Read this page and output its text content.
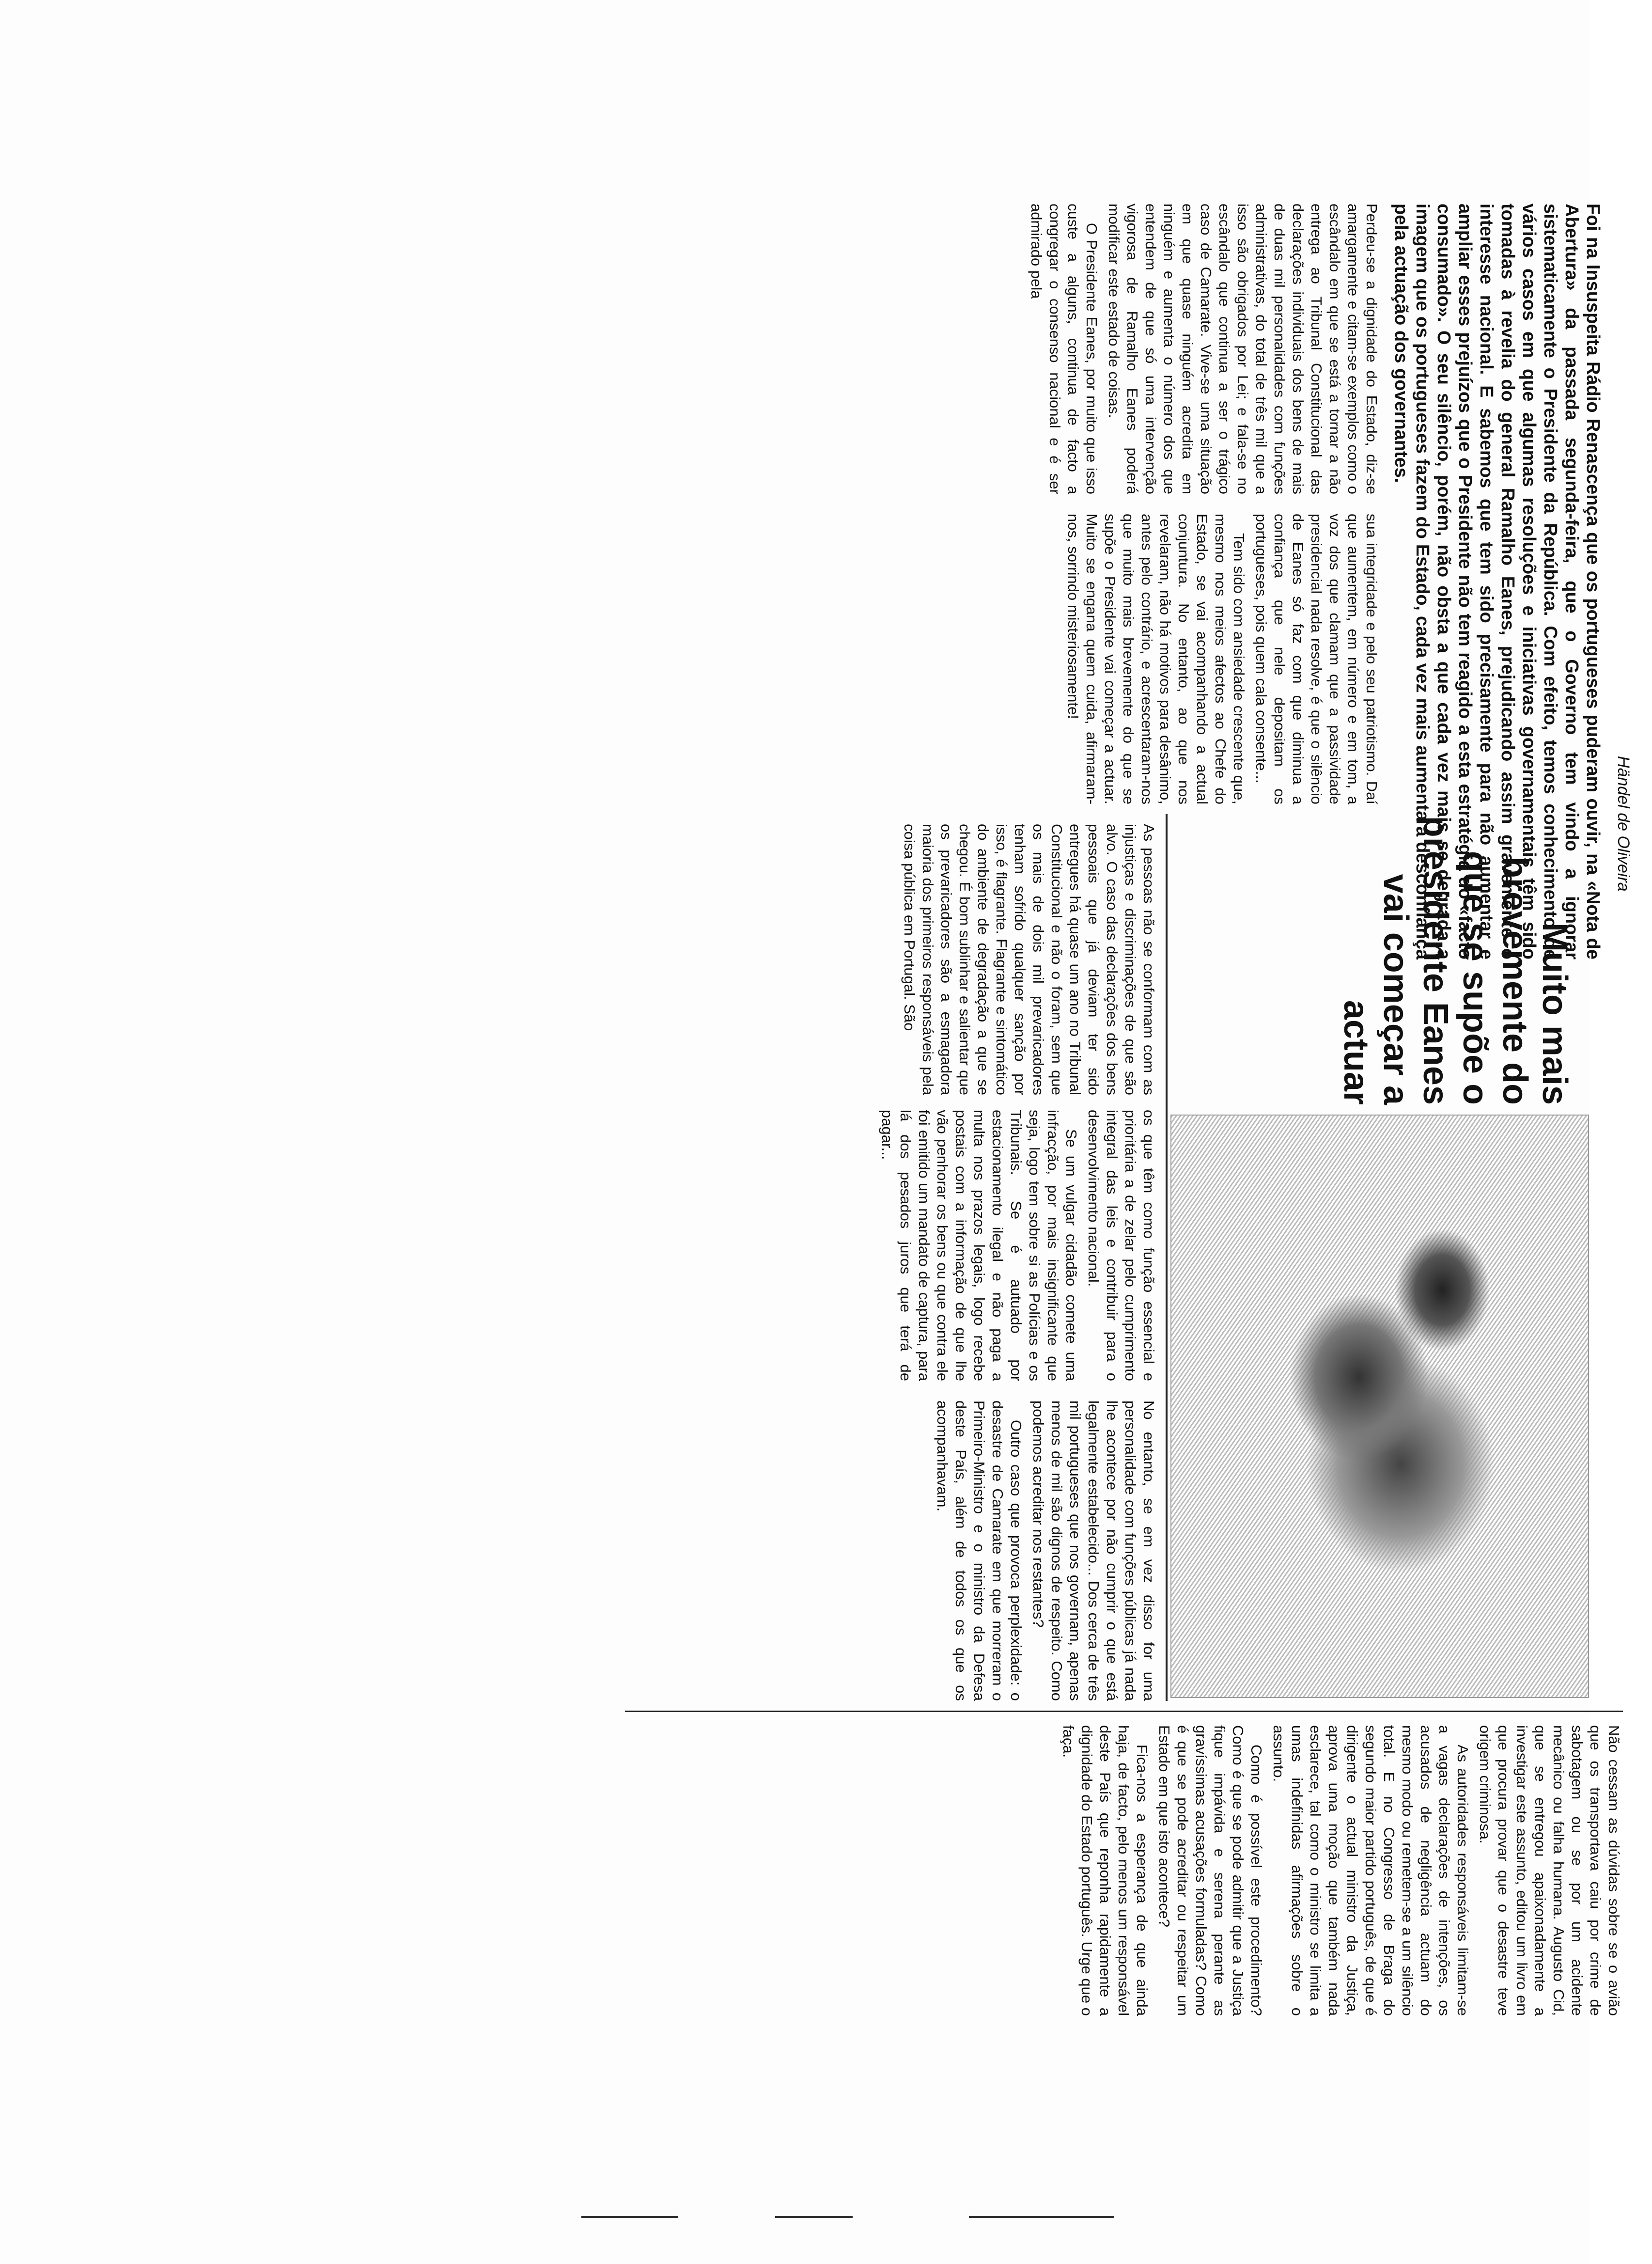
Händel de Oliveira
Foi na Insuspeita Rádio Renascença que os portugueses puderam ouvir, na «Nota de Abertura» da passada segunda-feira, que o Governo tem vindo a ignorar sistematicamente o Presidente da República. Com efeito, temos conhecimento de vários casos em que algumas resoluções e iniciativas governamentais têm sido tomadas à revelia do general Ramalho Eanes, prejudicando assim gravemente o interesse nacional. E sabemos que tem sido precisamente para não aumentar e ampliar esses prejuízos que o Presidente não tem reagido a esta estratégia do «facto consumado». O seu silêncio, porém, não obsta a que cada vez mais se degrada a imagem que os portugueses fazem do Estado, cada vez mais aumenta a desconfiança pela actuação dos governantes.

Perdeu-se a dignidade do Estado, diz-se amargamente e citam-se exemplos como o escândalo em que se está a tornar a não entrega ao Tribunal Constitucional das declarações individuais dos bens de mais de duas mil personalidades com funções administrativas, do total de três mil que a isso são obrigados por Lei; e fala-se no escândalo que continua a ser o trágico caso de Camarate. Vive-se uma situação em que quase ninguém acredita em ninguém e aumenta o número dos que entendem de que só uma intervenção vigorosa de Ramalho Eanes poderá modificar este estado de coisas.

O Presidente Eanes, por muito que isso custe a alguns, continua de facto a congregar o consenso nacional e é ser admirado pela

sua integridade e pelo seu patriotismo. Daí que aumentem, em número e em tom, a voz dos que clamam que a passividade presidencial nada resolve, é que o silêncio de Eanes só faz com que diminua a confiança que nele depositam os portugueses, pois quem cala consente...

Tem sido com ansiedade crescente que, mesmo nos meios afectos ao Chefe do Estado, se vai acompanhando a actual conjuntura. No entanto, ao que nos revelaram, não há motivos para desânimo, antes pelo contrário, e acrescentaram-nos que muito mais brevemente do que se supõe o Presidente vai começar a actuar. Muito se engana quem cuida, afirmaram-nos, sorrindo misteriosamente!

Muito mais brevemente do que se supõe o presidente Eanes vai começar a actuar

As pessoas não se conformam com as injustiças e discriminações de que são alvo. O caso das declarações dos bens pessoais que já deviam ter sido entregues há quase um ano no Tribunal Constitucional e não o foram, sem que os mais de dois mil prevaricadores tenham sofrido qualquer sanção por isso, é flagrante. Flagrante e sintomático do ambiente de degradação a que se chegou. É bom sublinhar e salientar que os prevaricadores são a esmagadora maioria dos primeiros responsáveis pela coisa pública em Portugal. São

os que têm como função essencial e prioritária a de zelar pelo cumprimento integral das leis e contribuir para o desenvolvimento nacional.

Se um vulgar cidadão comete uma infracção, por mais insignificante que seja, logo tem sobre si as Polícias e os Tribunais. Se é autuado por estacionamento ilegal e não paga a multa nos prazos legais, logo recebe postais com a informação de que lhe vão penhorar os bens ou que contra ele foi emitido um mandato de captura, para lá dos pesados juros que terá de pagar...

No entanto, se em vez disso for uma personalidade com funções públicas já nada lhe acontece por não cumprir o que está legalmente estabelecido... Dos cerca de três mil portugueses que nos governam, apenas menos de mil são dignos de respeito. Como podemos acreditar nos restantes?

Outro caso que provoca perplexidade: o desastre de Camarate em que morreram o Primeiro-Ministro e o ministro da Defesa deste País, além de todos os que os acompanhavam.

Não cessam as dúvidas sobre se o avião que os transportava caiu por crime de sabotagem ou se por um acidente mecânico ou falha humana. Augusto Cid, que se entregou apaixonadamente a investigar este assunto, editou um livro em que procura provar que o desastre teve origem criminosa.

As autoridades responsáveis limitam-se a vagas declarações de intenções, os acusados de negligência actuam do mesmo modo ou remetem-se a um silêncio total. E no Congresso de Braga do segundo maior partido português, de que é dirigente o actual ministro da Justiça, aprova uma moção que também nada esclarece, tal como o ministro se limita a umas indefinidas afirmações sobre o assunto.

Como é possível este procedimento? Como é que se pode admitir que a Justiça fique impávida e serena perante as gravíssimas acusações formuladas? Como é que se pode acreditar ou respeitar um Estado em que isto acontece?

Fica-nos a esperança de que ainda haja, de facto, pelo menos um responsável deste País que reponha rapidamente a dignidade do Estado português. Urge que o faça.
